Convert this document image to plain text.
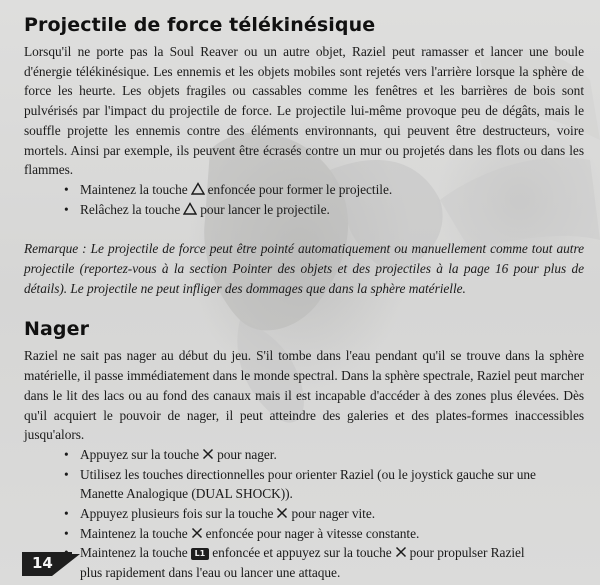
Projectile de force télékinésique

Lorsqu'il ne porte pas la Soul Reaver ou un autre objet, Raziel peut ramasser et lancer une boule d'énergie télékinésique. Les ennemis et les objets mobiles sont rejetés vers l'arrière lorsque la sphère de force les heurte. Les objets fragiles ou cassables comme les fenêtres et les barrières de bois sont pulvérisés par l'impact du projectile de force. Le projectile lui-même provoque peu de dégâts, mais le souffle projette les ennemis contre des éléments environnants, qui peuvent être destructeurs, voire mortels. Ainsi par exemple, ils peuvent être écrasés contre un mur ou projetés dans les flots ou dans les flammes.

• Maintenez la touche enfoncée pour former le projectile.
• Relâchez la touche pour lancer le projectile.

Remarque : Le projectile de force peut être pointé automatiquement ou manuellement comme tout autre projectile (reportez-vous à la section Pointer des objets et des projectiles à la page 16 pour plus de détails). Le projectile ne peut infliger des dommages que dans la sphère matérielle.

Nager

Raziel ne sait pas nager au début du jeu. S'il tombe dans l'eau pendant qu'il se trouve dans la sphère matérielle, il passe immédiatement dans le monde spectral. Dans la sphère spectrale, Raziel peut marcher dans le lit des lacs ou au fond des canaux mais il est incapable d'accéder à des zones plus élevées. Dès qu'il acquiert le pouvoir de nager, il peut atteindre des galeries et des plates-formes inaccessibles jusqu'alors.

• Appuyez sur la touche pour nager.
• Utilisez les touches directionnelles pour orienter Raziel (ou le joystick gauche sur une
Manette Analogique (DUAL SHOCK)).
• Appuyez plusieurs fois sur la touche pour nager vite.
• Maintenez la touche enfoncée pour nager à vitesse constante.
Maintenez la touche L1 enfoncée et appuyez sur la touche pour propulser Raziel
plus rapidement dans l'eau ou lancer une attaque.
14
